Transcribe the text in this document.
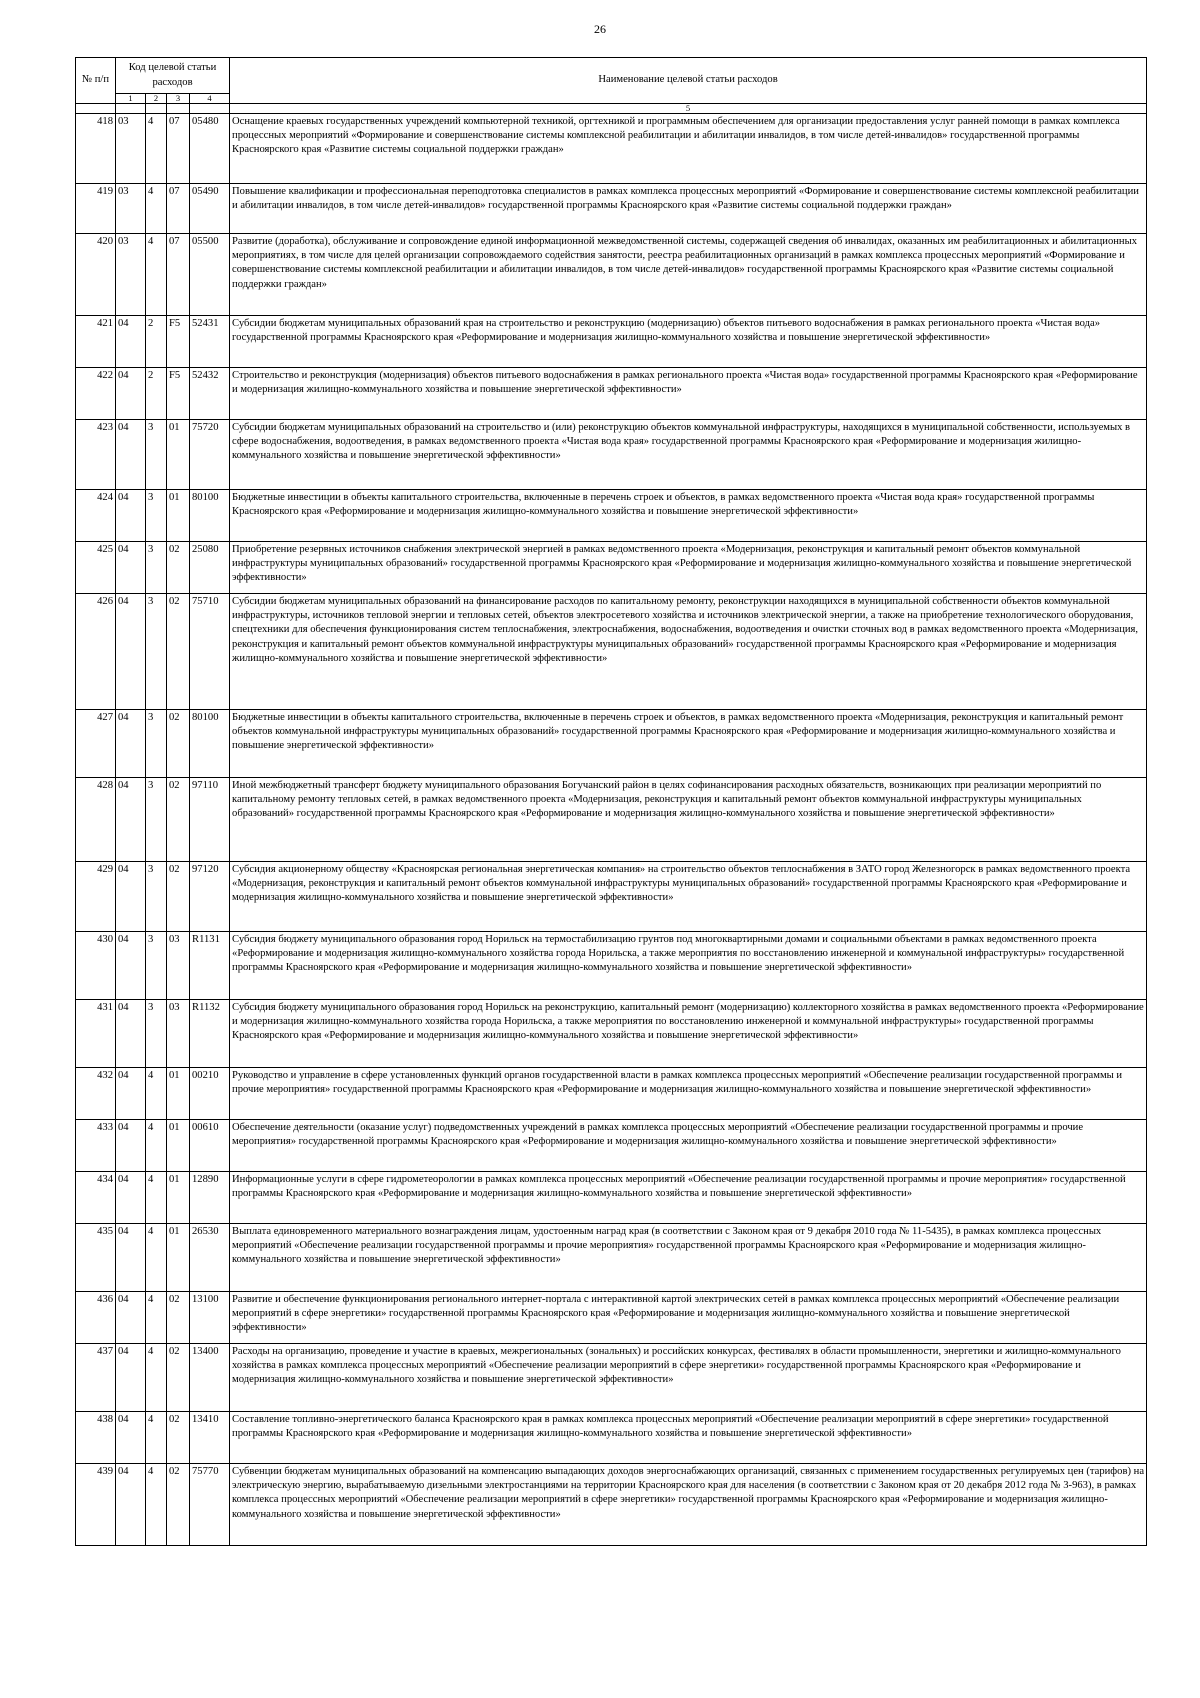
26
№ п/п	Код целевой статьи расходов				Наименование целевой статьи расходов
	1	2	3	4	
					5
418	03	4	07	05480	Оснащение краевых государственных учреждений компьютерной техникой, оргтехникой и программным обеспечением для организации предоставления услуг ранней помощи в рамках комплекса процессных мероприятий «Формирование и совершенствование системы комплексной реабилитации и абилитации инвалидов, в том числе детей-инвалидов» государственной программы Красноярского края «Развитие системы социальной поддержки граждан»
419	03	4	07	05490	Повышение квалификации и профессиональная переподготовка специалистов в рамках комплекса процессных мероприятий «Формирование и совершенствование системы комплексной реабилитации и абилитации инвалидов, в том числе детей-инвалидов» государственной программы Красноярского края «Развитие системы социальной поддержки граждан»
420	03	4	07	05500	Развитие (доработка), обслуживание и сопровождение единой информационной межведомственной системы, содержащей сведения об инвалидах, оказанных им реабилитационных и абилитационных мероприятиях, в том числе для целей организации сопровождаемого содействия занятости, реестра реабилитационных организаций в рамках комплекса процессных мероприятий «Формирование и совершенствование системы комплексной реабилитации и абилитации инвалидов, в том числе детей-инвалидов» государственной программы Красноярского края «Развитие системы социальной поддержки граждан»
421	04	2	F5	52431	Субсидии бюджетам муниципальных образований края на строительство и реконструкцию (модернизацию) объектов питьевого водоснабжения в рамках регионального проекта «Чистая вода» государственной программы Красноярского края «Реформирование и модернизация жилищно-коммунального хозяйства и повышение энергетической эффективности»
422	04	2	F5	52432	Строительство и реконструкция (модернизация) объектов питьевого водоснабжения в рамках регионального проекта «Чистая вода» государственной программы Красноярского края «Реформирование и модернизация жилищно-коммунального хозяйства и повышение энергетической эффективности»
423	04	3	01	75720	Субсидии бюджетам муниципальных образований на строительство и (или) реконструкцию объектов коммунальной инфраструктуры, находящихся в муниципальной собственности, используемых в сфере водоснабжения, водоотведения, в рамках ведомственного проекта «Чистая вода края» государственной программы Красноярского края «Реформирование и модернизация жилищно-коммунального хозяйства и повышение энергетической эффективности»
424	04	3	01	80100	Бюджетные инвестиции в объекты капитального строительства, включенные в перечень строек и объектов, в рамках ведомственного проекта «Чистая вода края» государственной программы Красноярского края «Реформирование и модернизация жилищно-коммунального хозяйства и повышение энергетической эффективности»
425	04	3	02	25080	Приобретение резервных источников снабжения электрической энергией в рамках ведомственного проекта «Модернизация, реконструкция и капитальный ремонт объектов коммунальной инфраструктуры муниципальных образований» государственной программы Красноярского края «Реформирование и модернизация жилищно-коммунального хозяйства и повышение энергетической эффективности»
426	04	3	02	75710	Субсидии бюджетам муниципальных образований на финансирование расходов по капитальному ремонту, реконструкции находящихся в муниципальной собственности объектов коммунальной инфраструктуры, источников тепловой энергии и тепловых сетей, объектов электросетевого хозяйства и источников электрической энергии, а также на приобретение технологического оборудования, спецтехники для обеспечения функционирования систем теплоснабжения, электроснабжения, водоснабжения, водоотведения и очистки сточных вод в рамках ведомственного проекта «Модернизация, реконструкция и капитальный ремонт объектов коммунальной инфраструктуры муниципальных образований» государственной программы Красноярского края «Реформирование и модернизация жилищно-коммунального хозяйства и повышение энергетической эффективности»
427	04	3	02	80100	Бюджетные инвестиции в объекты капитального строительства, включенные в перечень строек и объектов, в рамках ведомственного проекта «Модернизация, реконструкция и капитальный ремонт объектов коммунальной инфраструктуры муниципальных образований» государственной программы Красноярского края «Реформирование и модернизация жилищно-коммунального хозяйства и повышение энергетической эффективности»
428	04	3	02	97110	Иной межбюджетный трансферт бюджету муниципального образования Богучанский район в целях софинансирования расходных обязательств, возникающих при реализации мероприятий по капитальному ремонту тепловых сетей, в рамках ведомственного проекта «Модернизация, реконструкция и капитальный ремонт объектов коммунальной инфраструктуры муниципальных образований» государственной программы Красноярского края «Реформирование и модернизация жилищно-коммунального хозяйства и повышение энергетической эффективности»
429	04	3	02	97120	Субсидия акционерному обществу «Красноярская региональная энергетическая компания» на строительство объектов теплоснабжения в ЗАТО город Железногорск в рамках ведомственного проекта «Модернизация, реконструкция и капитальный ремонт объектов коммунальной инфраструктуры муниципальных образований» государственной программы Красноярского края «Реформирование и модернизация жилищно-коммунального хозяйства и повышение энергетической эффективности»
430	04	3	03	R1131	Субсидия бюджету муниципального образования город Норильск на термостабилизацию грунтов под многоквартирными домами и социальными объектами в рамках ведомственного проекта «Реформирование и модернизация жилищно-коммунального хозяйства города Норильска, а также мероприятия по восстановлению инженерной и коммунальной инфраструктуры» государственной программы Красноярского края «Реформирование и модернизация жилищно-коммунального хозяйства и повышение энергетической эффективности»
431	04	3	03	R1132	Субсидия бюджету муниципального образования город Норильск на реконструкцию, капитальный ремонт (модернизацию) коллекторного хозяйства в рамках ведомственного проекта «Реформирование и модернизация жилищно-коммунального хозяйства города Норильска, а также мероприятия по восстановлению инженерной и коммунальной инфраструктуры» государственной программы Красноярского края «Реформирование и модернизация жилищно-коммунального хозяйства и повышение энергетической эффективности»
432	04	4	01	00210	Руководство и управление в сфере установленных функций органов государственной власти в рамках комплекса процессных мероприятий «Обеспечение реализации государственной программы и прочие мероприятия» государственной программы Красноярского края «Реформирование и модернизация жилищно-коммунального хозяйства и повышение энергетической эффективности»
433	04	4	01	00610	Обеспечение деятельности (оказание услуг) подведомственных учреждений в рамках комплекса процессных мероприятий «Обеспечение реализации государственной программы и прочие мероприятия» государственной программы Красноярского края «Реформирование и модернизация жилищно-коммунального хозяйства и повышение энергетической эффективности»
434	04	4	01	12890	Информационные услуги в сфере гидрометеорологии в рамках комплекса процессных мероприятий «Обеспечение реализации государственной программы и прочие мероприятия» государственной программы Красноярского края «Реформирование и модернизация жилищно-коммунального хозяйства и повышение энергетической эффективности»
435	04	4	01	26530	Выплата единовременного материального вознаграждения лицам, удостоенным наград края (в соответствии с Законом края от 9 декабря 2010 года № 11-5435), в рамках комплекса процессных мероприятий «Обеспечение реализации государственной программы и прочие мероприятия» государственной программы Красноярского края «Реформирование и модернизация жилищно-коммунального хозяйства и повышение энергетической эффективности»
436	04	4	02	13100	Развитие и обеспечение функционирования регионального интернет-портала с интерактивной картой электрических сетей в рамках комплекса процессных мероприятий «Обеспечение реализации мероприятий в сфере энергетики» государственной программы Красноярского края «Реформирование и модернизация жилищно-коммунального хозяйства и повышение энергетической эффективности»
437	04	4	02	13400	Расходы на организацию, проведение и участие в краевых, межрегиональных (зональных) и российских конкурсах, фестивалях в области промышленности, энергетики и жилищно-коммунального хозяйства в рамках комплекса процессных мероприятий «Обеспечение реализации мероприятий в сфере энергетики» государственной программы Красноярского края «Реформирование и модернизация жилищно-коммунального хозяйства и повышение энергетической эффективности»
438	04	4	02	13410	Составление топливно-энергетического баланса Красноярского края в рамках комплекса процессных мероприятий «Обеспечение реализации мероприятий в сфере энергетики» государственной программы Красноярского края «Реформирование и модернизация жилищно-коммунального хозяйства и повышение энергетической эффективности»
439	04	4	02	75770	Субвенции бюджетам муниципальных образований на компенсацию выпадающих доходов энергоснабжающих организаций, связанных с применением государственных регулируемых цен (тарифов) на электрическую энергию, вырабатываемую дизельными электростанциями на территории Красноярского края для населения (в соответствии с Законом края от 20 декабря 2012 года № 3-963), в рамках комплекса процессных мероприятий «Обеспечение реализации мероприятий в сфере энергетики» государственной программы Красноярского края «Реформирование и модернизация жилищно-коммунального хозяйства и повышение энергетической эффективности»
